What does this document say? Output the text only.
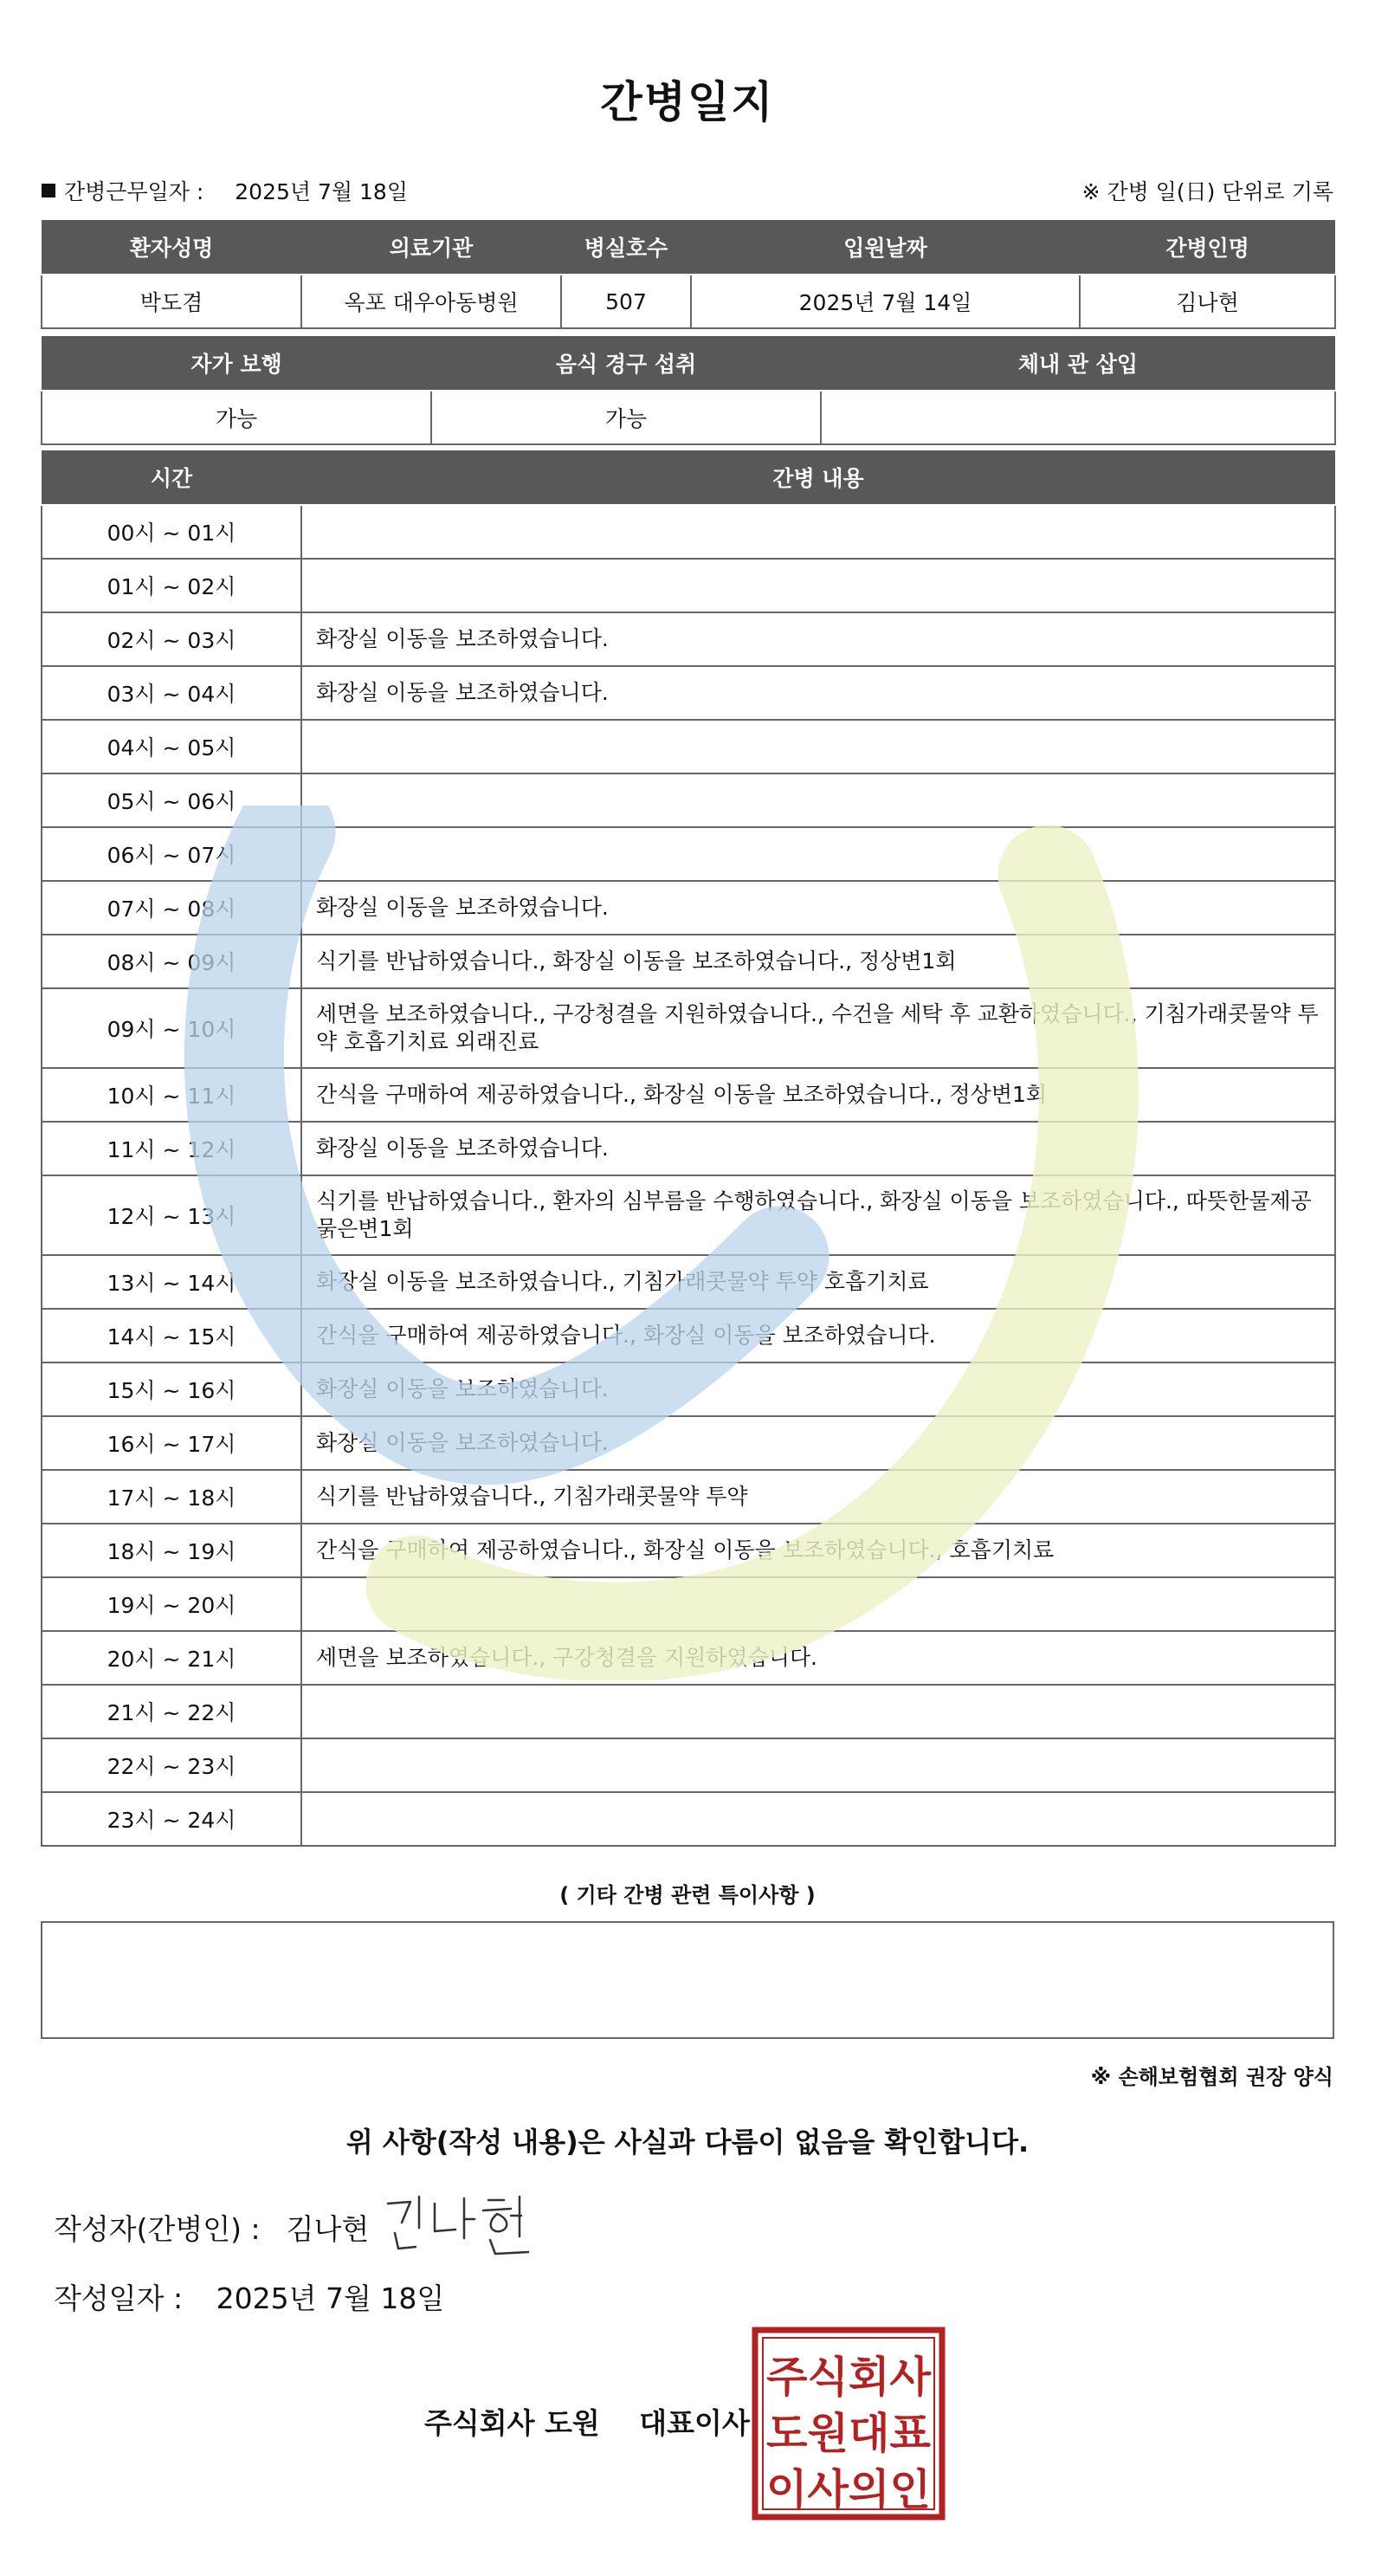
간병일지
간병근무일자 : 2025년 7월 18일	※ 간병 일(日) 단위로 기록
환자성명	의료기관	병실호수	입원날짜	간병인명
박도겸	옥포 대우아동병원	507	2025년 7월 14일	김나현
자가 보행	음식 경구 섭취	체내 관 삽입
가능	가능	
시간	간병 내용
00시 ~ 01시	
01시 ~ 02시	
02시 ~ 03시	화장실 이동을 보조하였습니다.
03시 ~ 04시	화장실 이동을 보조하였습니다.
04시 ~ 05시	
05시 ~ 06시	
06시 ~ 07시	
07시 ~ 08시	화장실 이동을 보조하였습니다.
08시 ~ 09시	식기를 반납하였습니다., 화장실 이동을 보조하였습니다., 정상변1회
09시 ~ 10시	세면을 보조하였습니다., 구강청결을 지원하였습니다., 수건을 세탁 후 교환하였습니다., 기침가래콧물약 투약 호흡기치료 외래진료
10시 ~ 11시	간식을 구매하여 제공하였습니다., 화장실 이동을 보조하였습니다., 정상변1회
11시 ~ 12시	화장실 이동을 보조하였습니다.
12시 ~ 13시	식기를 반납하였습니다., 환자의 심부름을 수행하였습니다., 화장실 이동을 보조하였습니다., 따뜻한물제공 묽은변1회
13시 ~ 14시	화장실 이동을 보조하였습니다., 기침가래콧물약 투약 호흡기치료
14시 ~ 15시	간식을 구매하여 제공하였습니다., 화장실 이동을 보조하였습니다.
15시 ~ 16시	화장실 이동을 보조하였습니다.
16시 ~ 17시	화장실 이동을 보조하였습니다.
17시 ~ 18시	식기를 반납하였습니다., 기침가래콧물약 투약
18시 ~ 19시	간식을 구매하여 제공하였습니다., 화장실 이동을 보조하였습니다., 호흡기치료
19시 ~ 20시	
20시 ~ 21시	세면을 보조하였습니다., 구강청결을 지원하였습니다.
21시 ~ 22시	
22시 ~ 23시	
23시 ~ 24시	
( 기타 간병 관련 특이사항 )
※ 손해보험협회 권장 양식
위 사항(작성 내용)은 사실과 다름이 없음을 확인합니다.
작성자(간병인) : 김나현
작성일자 : 2025년 7월 18일
주식회사 도원 대표이사
주식회사
도원대표
이사의인
